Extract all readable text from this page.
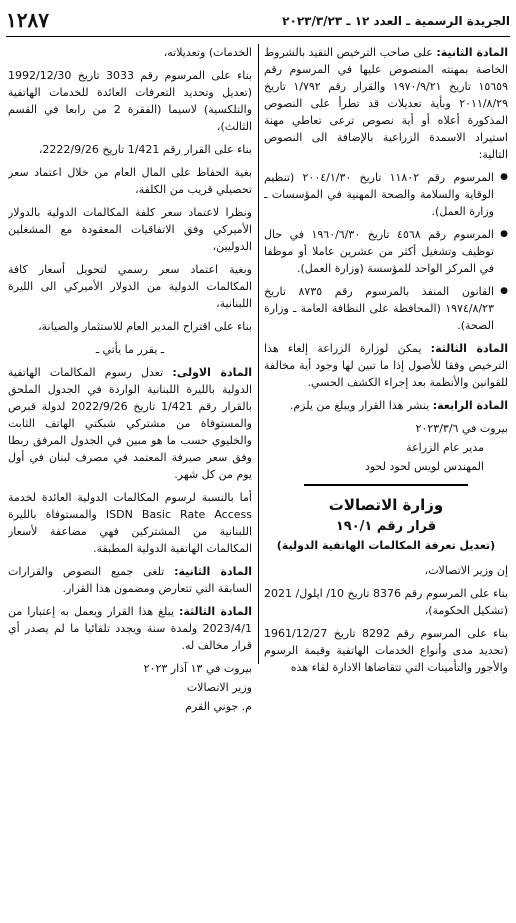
الجريدة الرسمية ـ العدد ١٢ ـ ٢٠٢٣/٣/٢٣
١٢٨٧

المادة الثانية: على صاحب الترخيص التقيد بالشروط الخاصة بمهنته المنصوص عليها في المرسوم رقم ١٥٦٥٩ تاريخ ١٩٧٠/٩/٢١ والقرار رقم ١/٧٩٢ تاريخ ٢٠١١/٨/٢٩ وبأية تعديلات قد تطرأ على النصوص المذكورة أعلاه أو أية نصوص ترعى تعاطي مهنة استيراد الاسمدة الزراعية بالإضافة الى النصوص التالية:

● المرسوم رقم ١١٨٠٢ تاريخ ٢٠٠٤/١/٣٠ (تنظيم الوقاية والسلامة والصحة المهنية في المؤسسات ـ وزارة العمل).

● المرسوم رقم ٤٥٦٨ تاريخ ١٩٦٠/٦/٣٠ في حال توظيف وتشغيل أكثر من عشرين عاملا أو موظفا في المركز الواحد للمؤسسة (وزارة العمل).

● القانون المنفذ بالمرسوم رقم ٨٧٣٥ تاريخ ١٩٧٤/٨/٢٣ (المحافظة على النظافة العامة ـ وزارة الصحة).

المادة الثالثة: يمكن لوزارة الزراعة إلغاء هذا الترخيص وفقا للأصول إذا ما تبين لها وجود أية مخالفة للقوانين والأنظمة بعد إجراء الكشف الحسي.

المادة الرابعة: ينشر هذا القرار ويبلغ من يلزم.

بيروت في ٢٠٢٣/٣/٦

مدير عام الزراعة

المهندس لويس لحود لحود

وزارة الاتصالات
قرار رقم ١٩٠/١
(تعديل تعرفة المكالمات الهاتفية الدولية)

إن وزير الاتصالات،

بناء على المرسوم رقم 8376 تاريخ 10/ ايلول/ 2021 (تشكيل الحكومة)،

بناء على المرسوم رقم 8292 تاريخ 1961/12/27 (تحديد مدى وأنواع الخدمات الهاتفية وقيمة الرسوم والأجور والتأمينات التي تتقاضاها الادارة لقاء هذه

الخدمات) وتعديلاته،

بناء على المرسوم رقم 3033 تاريخ 1992/12/30 (تعديل وتحديد التعرفات العائدة للخدمات الهاتفية والتلكسية) لاسيما (الفقرة 2 من رابعا في القسم الثالث)،

بناء على القرار رقم 1/421 تاريخ 2222/9/26،

بغية الحفاظ على المال العام من خلال اعتماد سعر تحصيلي قريب من الكلفة،

ونظرا لاعتماد سعر كلفة المكالمات الدولية بالدولار الأميركي وفق الاتفاقيات المعقودة مع المشغلين الدوليين،

وبغية اعتماد سعر رسمي لتحويل أسعار كافة المكالمات الدولية من الدولار الأميركي الى الليرة اللبنانية،

بناء على اقتراح المدير العام للاستثمار والصيانة،

ـ يقرر ما يأتي ـ

المادة الاولى: تعدل رسوم المكالمات الهاتفية الدولية بالليرة اللبنانية الواردة في الجدول الملحق بالقرار رقم 1/421 تاريخ 2022/9/26 لدولة قبرص والمستوفاة من مشتركي شبكتي الهاتف الثابت والخليوي حسب ما هو مبين في الجدول المرفق ربطا وفق سعر صيرفة المعتمد في مصرف لبنان في أول يوم من كل شهر.

أما بالنسبة لرسوم المكالمات الدولية العائدة لخدمة ISDN Basic Rate Access والمستوفاة بالليرة اللبنانية من المشتركين فهي مضاعفة لأسعار المكالمات الهاتفية الدولية المطبقة.

المادة الثانية: تلغى جميع النصوص والقرارات السابقة التي تتعارض ومضمون هذا القرار.

المادة الثالثة: يبلغ هذا القرار ويعمل به إعتبارا من 2023/4/1 ولمدة سنة ويجدد تلقائيا ما لم يصدر أي قرار مخالف له.

بيروت في ١٣ آذار ٢٠٢٣

وزير الاتصالات

م. جوني القرم
